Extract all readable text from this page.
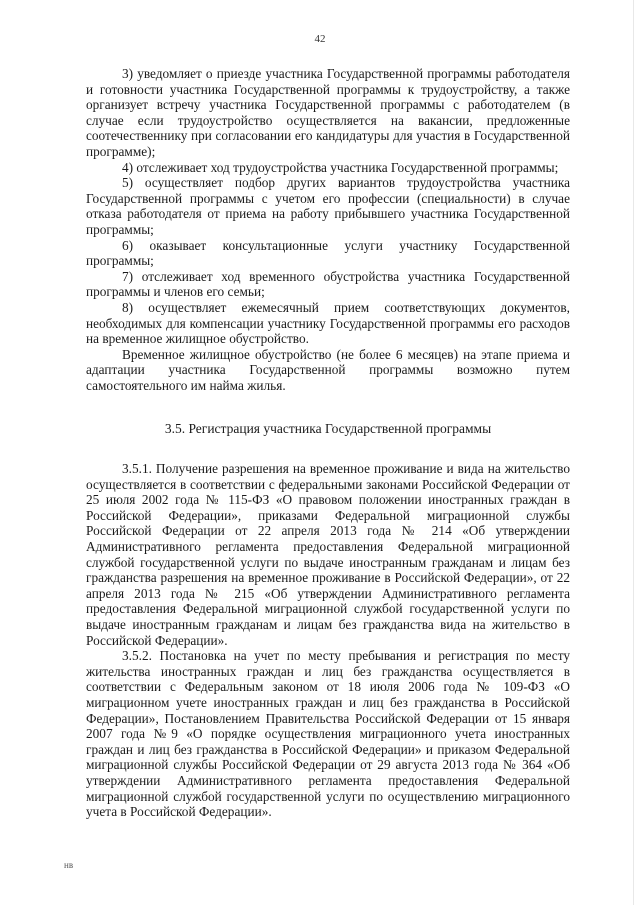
42

3) уведомляет о приезде участника Государственной программы работодателя и готовности участника Государственной программы к трудоустройству, а также организует встречу участника Государственной программы с работодателем (в случае если трудоустройство осуществляется на вакансии, предложенные соотечественнику при согласовании его кандидатуры для участия в Государственной программе);

4) отслеживает ход трудоустройства участника Государственной программы;

5) осуществляет подбор других вариантов трудоустройства участника Государственной программы с учетом его профессии (специальности) в случае отказа работодателя от приема на работу прибывшего участника Государственной программы;

6) оказывает консультационные услуги участнику Государственной программы;

7) отслеживает ход временного обустройства участника Государственной программы и членов его семьи;

8) осуществляет ежемесячный прием соответствующих документов, необходимых для компенсации участнику Государственной программы его расходов на временное жилищное обустройство.

Временное жилищное обустройство (не более 6 месяцев) на этапе приема и адаптации участника Государственной программы возможно путем самостоятельного им найма жилья.

3.5. Регистрация участника Государственной программы

3.5.1. Получение разрешения на временное проживание и вида на жительство осуществляется в соответствии с федеральными законами Российской Федерации от 25 июля 2002 года № 115-ФЗ «О правовом положении иностранных граждан в Российской Федерации», приказами Федеральной миграционной службы Российской Федерации от 22 апреля 2013 года № 214 «Об утверждении Административного регламента предоставления Федеральной миграционной службой государственной услуги по выдаче иностранным гражданам и лицам без гражданства разрешения на временное проживание в Российской Федерации», от 22 апреля 2013 года № 215 «Об утверждении Административного регламента предоставления Федеральной миграционной службой государственной услуги по выдаче иностранным гражданам и лицам без гражданства вида на жительство в Российской Федерации».

3.5.2. Постановка на учет по месту пребывания и регистрация по месту жительства иностранных граждан и лиц без гражданства осуществляется в соответствии с Федеральным законом от 18 июля 2006 года № 109-ФЗ «О миграционном учете иностранных граждан и лиц без гражданства в Российской Федерации», Постановлением Правительства Российской Федерации от 15 января 2007 года №9 «О порядке осуществления миграционного учета иностранных граждан и лиц без гражданства в Российской Федерации» и приказом Федеральной миграционной службы Российской Федерации от 29 августа 2013 года № 364 «Об утверждении Административного регламента предоставления Федеральной миграционной службой государственной услуги по осуществлению миграционного учета в Российской Федерации».

нв
